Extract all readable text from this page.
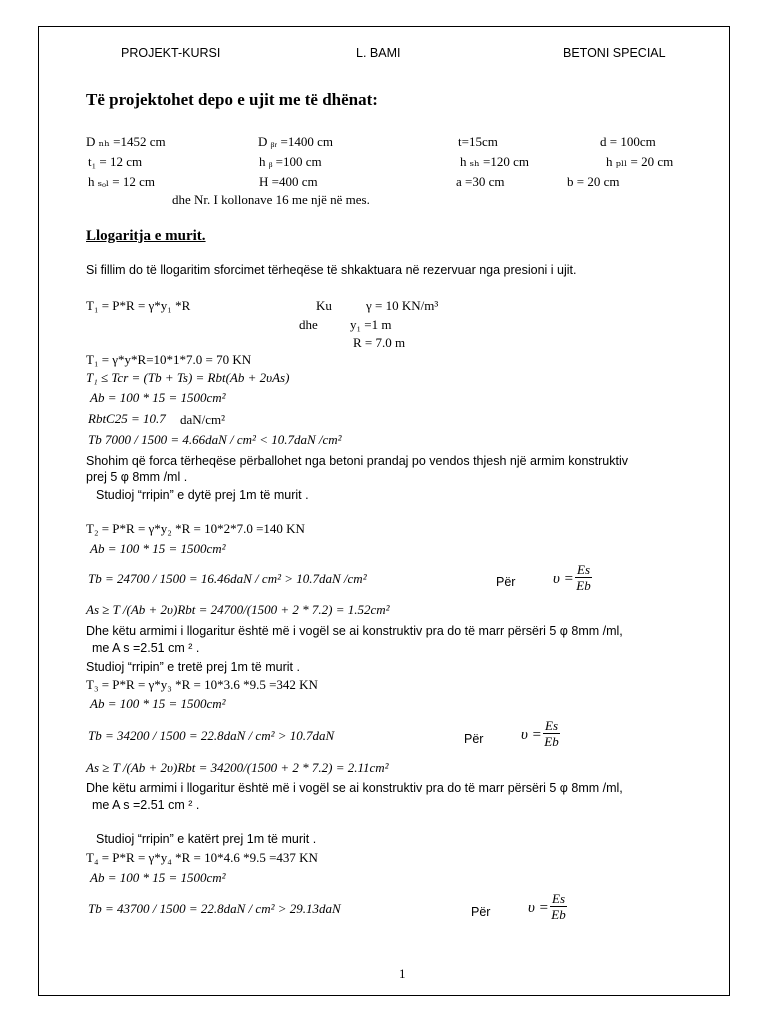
PROJEKT-KURSI	L. BAMI	BETONI SPECIAL
Të projektohet depo e ujit me të dhënat:
D ₙₕ =1452 cm	D ᵦᵣ =1400 cm	t=15cm	d = 100cm
t₁ = 12 cm	h ᵦ =100 cm	h ₛₕ =120 cm	h ₚₗₗ = 20 cm
h ₛₒₗ = 12 cm	H =400 cm	a =30 cm	b = 20 cm
dhe Nr. I kollonave 16 me një në mes.
Llogaritja e murit.
Si fillim do të llogaritim sforcimet tërheqëse të shkaktuara në rezervuar nga presioni i ujit.
T₁ = P*R = γ*y₁ *R	Ku	γ = 10 KN/m³
dhe y₁ =1 m
R = 7.0 m
T₁ = γ*y*R=10*1*7.0 = 70 KN
T₁ ≤ Tcr = (Tb + Ts) = Rbt(Ab + 2υAs)
Ab = 100 * 15 = 1500cm²
RbtC25 = 10.7 daN/cm²
Tb 7000 / 1500 = 4.66daN / cm² < 10.7daN /cm²
Shohim që forca tërheqëse përballohet nga betoni prandaj po vendos thjesh një armim konstruktiv
prej 5 φ 8mm /ml .
Studioj “rripin” e dytë prej 1m të murit .
T₂ = P*R = γ*y₂ *R = 10*2*7.0 =140 KN
Ab = 100 * 15 = 1500cm²
Tb = 24700 / 1500 = 16.46daN / cm² > 10.7daN /cm²	Për	$\upsilon = \frac{Es}{Eb}$
As ≥ T /(Ab + 2υ)Rbt = 24700/(1500 + 2 * 7.2) = 1.52cm²
Dhe këtu armimi i llogaritur është më i vogël se ai konstruktiv pra do të marr përsëri 5 φ 8mm /ml,
me A s =2.51 cm ² .
Studioj “rripin” e tretë prej 1m të murit .
T₃ = P*R = γ*y₃ *R = 10*3.6 *9.5 =342 KN
Ab = 100 * 15 = 1500cm²
Tb = 34200 / 1500 = 22.8daN / cm² > 10.7daN	Për	$\upsilon = \frac{Es}{Eb}$
As ≥ T /(Ab + 2υ)Rbt = 34200/(1500 + 2 * 7.2) = 2.11cm²
Dhe këtu armimi i llogaritur është më i vogël se ai konstruktiv pra do të marr përsëri 5 φ 8mm /ml,
me A s =2.51 cm ² .
Studioj “rripin” e katërt prej 1m të murit .
T₄ = P*R = γ*y₄ *R = 10*4.6 *9.5 =437 KN
Ab = 100 * 15 = 1500cm²
Tb = 43700 / 1500 = 22.8daN / cm² > 29.13daN	Për	$\upsilon = \frac{Es}{Eb}$
1
